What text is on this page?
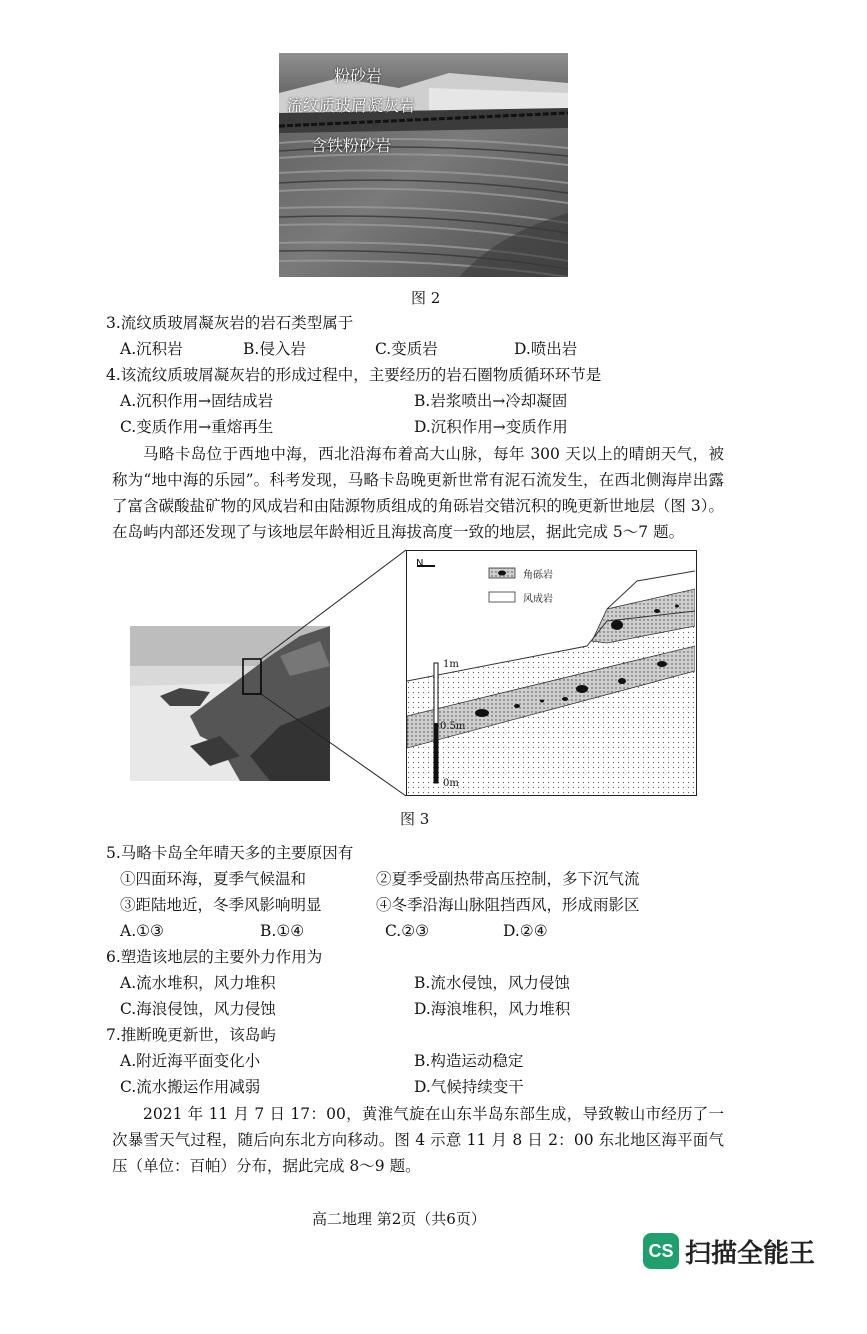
粉砂岩
流纹质玻屑凝灰岩
含铁粉砂岩
图 2
3.流纹质玻屑凝灰岩的岩石类型属于
A.沉积岩	B.侵入岩	C.变质岩	D.喷出岩
4.该流纹质玻屑凝灰岩的形成过程中，主要经历的岩石圈物质循环环节是
A.沉积作用→固结成岩	B.岩浆喷出→冷却凝固
C.变质作用→重熔再生	D.沉积作用→变质作用

马略卡岛位于西地中海，西北沿海布着高大山脉，每年 300 天以上的晴朗天气，被称为“地中海的乐园”。科考发现，马略卡岛晚更新世常有泥石流发生，在西北侧海岸出露了富含碳酸盐矿物的风成岩和由陆源物质组成的角砾岩交错沉积的晚更新世地层（图 3）。在岛屿内部还发现了与该地层年龄相近且海拔高度一致的地层，据此完成 5～7 题。

N
角砾岩
风成岩
1m
0.5m
0m
图 3
5.马略卡岛全年晴天多的主要原因有
①四面环海，夏季气候温和	②夏季受副热带高压控制，多下沉气流
③距陆地近，冬季风影响明显	④冬季沿海山脉阻挡西风，形成雨影区
A.①③	B.①④	C.②③	D.②④
6.塑造该地层的主要外力作用为
A.流水堆积，风力堆积	B.流水侵蚀，风力侵蚀
C.海浪侵蚀，风力侵蚀	D.海浪堆积，风力堆积
7.推断晚更新世，该岛屿
A.附近海平面变化小	B.构造运动稳定
C.流水搬运作用减弱	D.气候持续变干

2021 年 11 月 7 日 17：00，黄淮气旋在山东半岛东部生成，导致鞍山市经历了一次暴雪天气过程，随后向东北方向移动。图 4 示意 11 月 8 日 2：00 东北地区海平面气压（单位：百帕）分布，据此完成 8～9 题。

高二地理 第2页（共6页）
CS 扫描全能王
